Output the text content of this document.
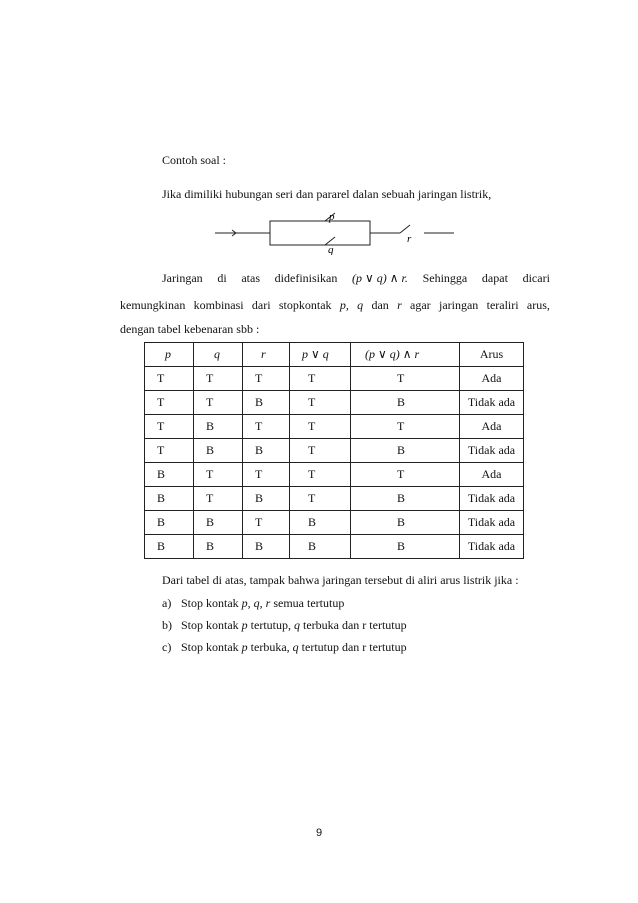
Contoh soal :
Jika dimiliki hubungan seri dan pararel dalan sebuah jaringan listrik,
p
q
r
Jaringan di atas didefinisikan (p ∨ q) ∧ r. Sehingga dapat dicari
kemungkinan kombinasi dari stopkontak p, q dan r agar jaringan teraliri arus,
dengan tabel kebenaran sbb :
p	q	r	p ∨ q	(p ∨ q) ∧ r	Arus
T	T	T	T	T	Ada
T	T	B	T	B	Tidak ada
T	B	T	T	T	Ada
T	B	B	T	B	Tidak ada
B	T	T	T	T	Ada
B	T	B	T	B	Tidak ada
B	B	T	B	B	Tidak ada
B	B	B	B	B	Tidak ada
Dari tabel di atas, tampak bahwa jaringan tersebut di aliri arus listrik jika :
a) Stop kontak p, q, r semua tertutup
b) Stop kontak p tertutup, q terbuka dan r tertutup
c) Stop kontak p terbuka, q tertutup dan r tertutup
9
